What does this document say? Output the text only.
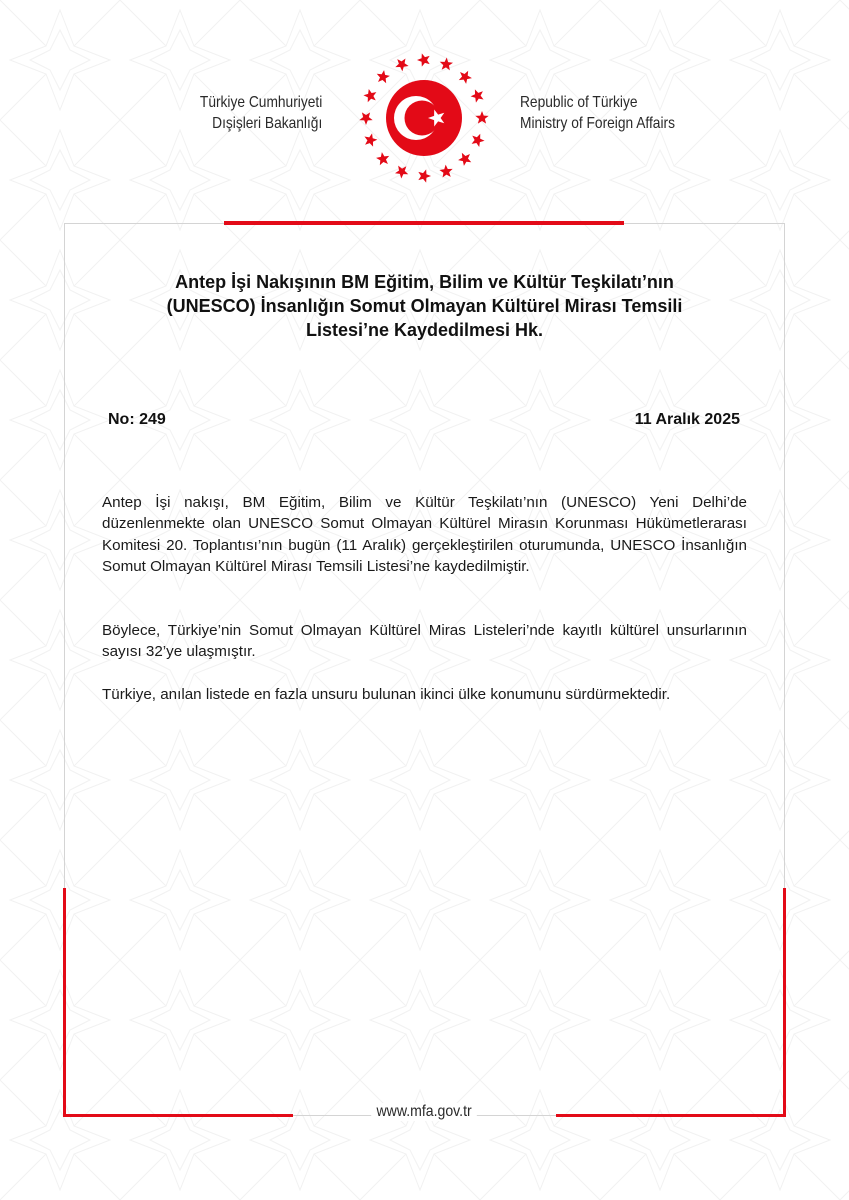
Türkiye Cumhuriyeti
Dışişleri Bakanlığı
Republic of Türkiye
Ministry of Foreign Affairs
Antep İşi Nakışının BM Eğitim, Bilim ve Kültür Teşkilatı’nın
(UNESCO) İnsanlığın Somut Olmayan Kültürel Mirası Temsili
Listesi’ne Kaydedilmesi Hk.
No: 249	11 Aralık 2025

Antep İşi nakışı, BM Eğitim, Bilim ve Kültür Teşkilatı’nın (UNESCO) Yeni Delhi’de düzenlenmekte olan UNESCO Somut Olmayan Kültürel Mirasın Korunması Hükümetlerarası Komitesi 20. Toplantısı’nın bugün (11 Aralık) gerçekleştirilen oturumunda, UNESCO İnsanlığın Somut Olmayan Kültürel Mirası Temsili Listesi’ne kaydedilmiştir.

Böylece, Türkiye’nin Somut Olmayan Kültürel Miras Listeleri’nde kayıtlı kültürel unsurlarının sayısı 32’ye ulaşmıştır.

Türkiye, anılan listede en fazla unsuru bulunan ikinci ülke konumunu sürdürmektedir.

www.mfa.gov.tr
